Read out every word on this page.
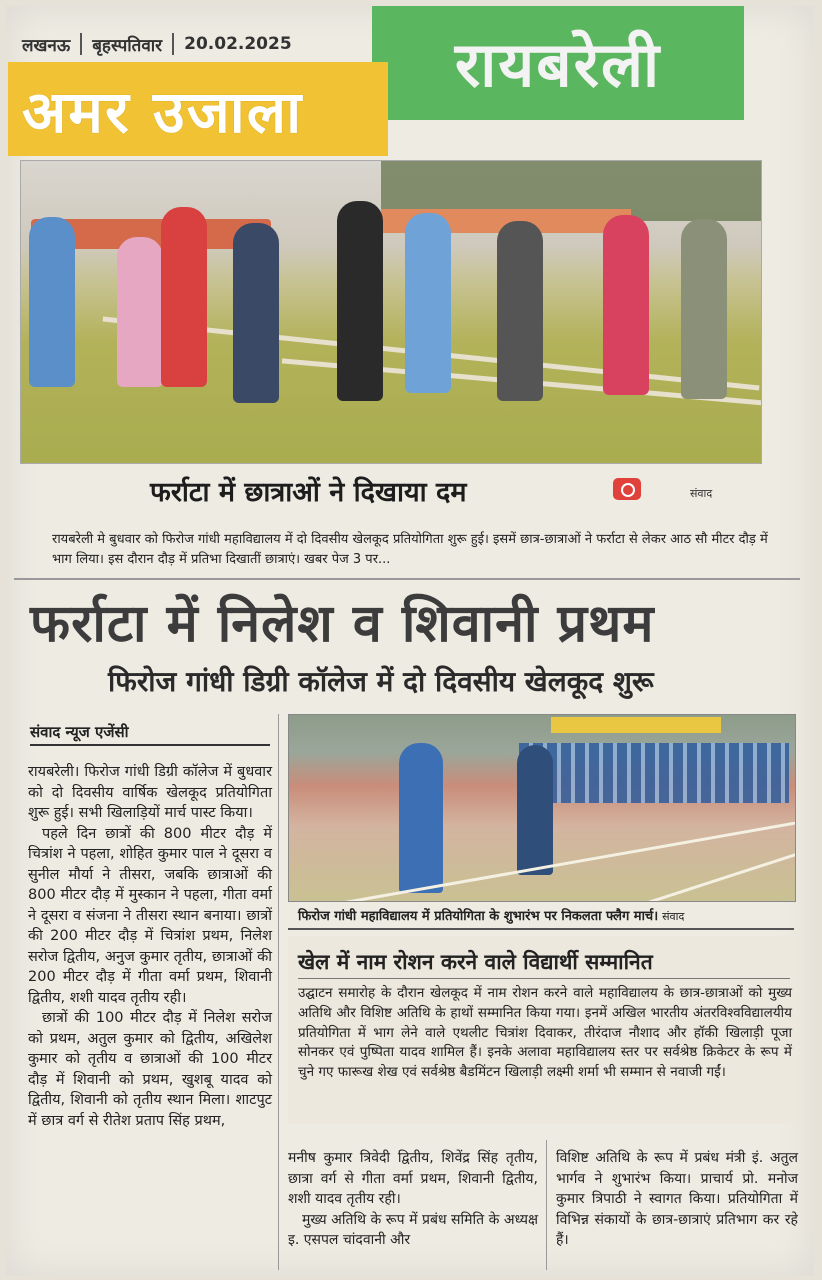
रायबरेली
लखनऊ बृहस्पतिवार 20.02.2025
अमर उजाला
फर्राटा में छात्राओं ने दिखाया दम	संवाद
रायबरेली मे बुधवार को फिरोज गांधी महाविद्यालय में दो दिवसीय खेलकूद प्रतियोगिता शुरू हुई। इसमें छात्र-छात्राओं ने फर्राटा से लेकर आठ सौ मीटर दौड़ में भाग लिया। इस दौरान दौड़ में प्रतिभा दिखातीं छात्राएं। खबर पेज 3 पर...
फर्राटा में निलेश व शिवानी प्रथम
फिरोज गांधी डिग्री कॉलेज में दो दिवसीय खेलकूद शुरू
संवाद न्यूज एजेंसी

रायबरेली। फिरोज गांधी डिग्री कॉलेज में बुधवार को दो दिवसीय वार्षिक खेलकूद प्रतियोगिता शुरू हुई। सभी खिलाड़ियों मार्च पास्ट किया।

पहले दिन छात्रों की 800 मीटर दौड़ में चित्रांश ने पहला, शोहित कुमार पाल ने दूसरा व सुनील मौर्या ने तीसरा, जबकि छात्राओं की 800 मीटर दौड़ में मुस्कान ने पहला, गीता वर्मा ने दूसरा व संजना ने तीसरा स्थान बनाया। छात्रों की 200 मीटर दौड़ में चित्रांश प्रथम, निलेश सरोज द्वितीय, अनुज कुमार तृतीय, छात्राओं की 200 मीटर दौड़ में गीता वर्मा प्रथम, शिवानी द्वितीय, शशी यादव तृतीय रही।

छात्रों की 100 मीटर दौड़ में निलेश सरोज को प्रथम, अतुल कुमार को द्वितीय, अखिलेश कुमार को तृतीय व छात्राओं की 100 मीटर दौड़ में शिवानी को प्रथम, खुशबू यादव को द्वितीय, शिवानी को तृतीय स्थान मिला। शाटपुट में छात्र वर्ग से रीतेश प्रताप सिंह प्रथम,

फिरोज गांधी महाविद्यालय में प्रतियोगिता के शुभारंभ पर निकलता फ्लैग मार्च। संवाद
खेल में नाम रोशन करने वाले विद्यार्थी सम्मानित
उद्घाटन समारोह के दौरान खेलकूद में नाम रोशन करने वाले महाविद्यालय के छात्र-छात्राओं को मुख्य अतिथि और विशिष्ट अतिथि के हाथों सम्मानित किया गया। इनमें अखिल भारतीय अंतरविश्वविद्यालयीय प्रतियोगिता में भाग लेने वाले एथलीट चित्रांश दिवाकर, तीरंदाज नौशाद और हॉकी खिलाड़ी पूजा सोनकर एवं पुष्पिता यादव शामिल हैं। इनके अलावा महाविद्यालय स्तर पर सर्वश्रेष्ठ क्रिकेटर के रूप में चुने गए फारूख शेख एवं सर्वश्रेष्ठ बैडमिंटन खिलाड़ी लक्ष्मी शर्मा भी सम्मान से नवाजी गईं।

मनीष कुमार त्रिवेदी द्वितीय, शिवेंद्र सिंह तृतीय, छात्रा वर्ग से गीता वर्मा प्रथम, शिवानी द्वितीय, शशी यादव तृतीय रही।

मुख्य अतिथि के रूप में प्रबंध समिति के अध्यक्ष इ. एसपल चांदवानी और

विशिष्ट अतिथि के रूप में प्रबंध मंत्री इं. अतुल भार्गव ने शुभारंभ किया। प्राचार्य प्रो. मनोज कुमार त्रिपाठी ने स्वागत किया। प्रतियोगिता में विभिन्न संकायों के छात्र-छात्राएं प्रतिभाग कर रहे हैं।
